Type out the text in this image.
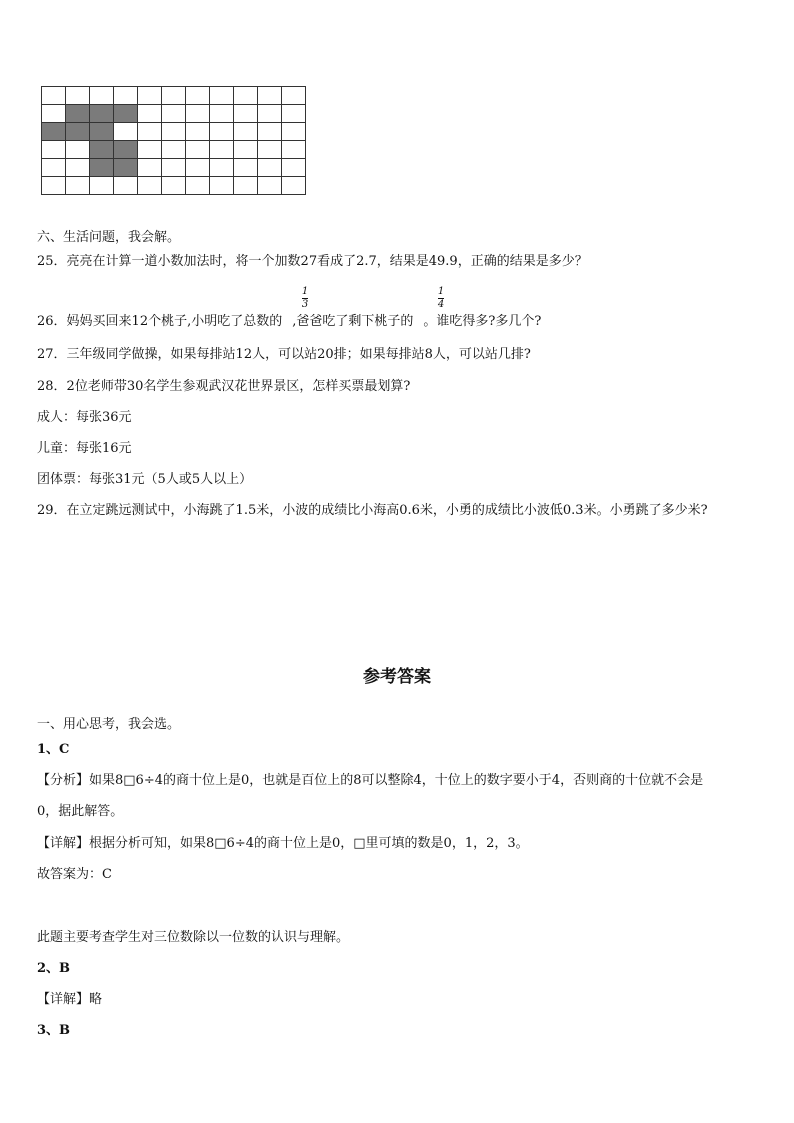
六、生活问题，我会解。
25．亮亮在计算一道小数加法时，将一个加数27看成了2.7，结果是49.9，正确的结果是多少？
26．妈妈买回来12个桃子,小明吃了总数的 ,爸爸吃了剩下桃子的 。谁吃得多?多几个?
1
3
1
4
27．三年级同学做操，如果每排站12人，可以站20排；如果每排站8人，可以站几排?
28．2位老师带30名学生参观武汉花世界景区，怎样买票最划算?
成人：每张36元
儿童：每张16元
团体票：每张31元（5人或5人以上）
29．在立定跳远测试中，小海跳了1.5米，小波的成绩比小海高0.6米，小勇的成绩比小波低0.3米。小勇跳了多少米?
参考答案
一、用心思考，我会选。
1、C
【分析】如果8□6÷4的商十位上是0，也就是百位上的8可以整除4，十位上的数字要小于4，否则商的十位就不会是
0，据此解答。
【详解】根据分析可知，如果8□6÷4的商十位上是0，□里可填的数是0，1，2，3。
故答案为：C
此题主要考查学生对三位数除以一位数的认识与理解。
2、B
【详解】略
3、B
